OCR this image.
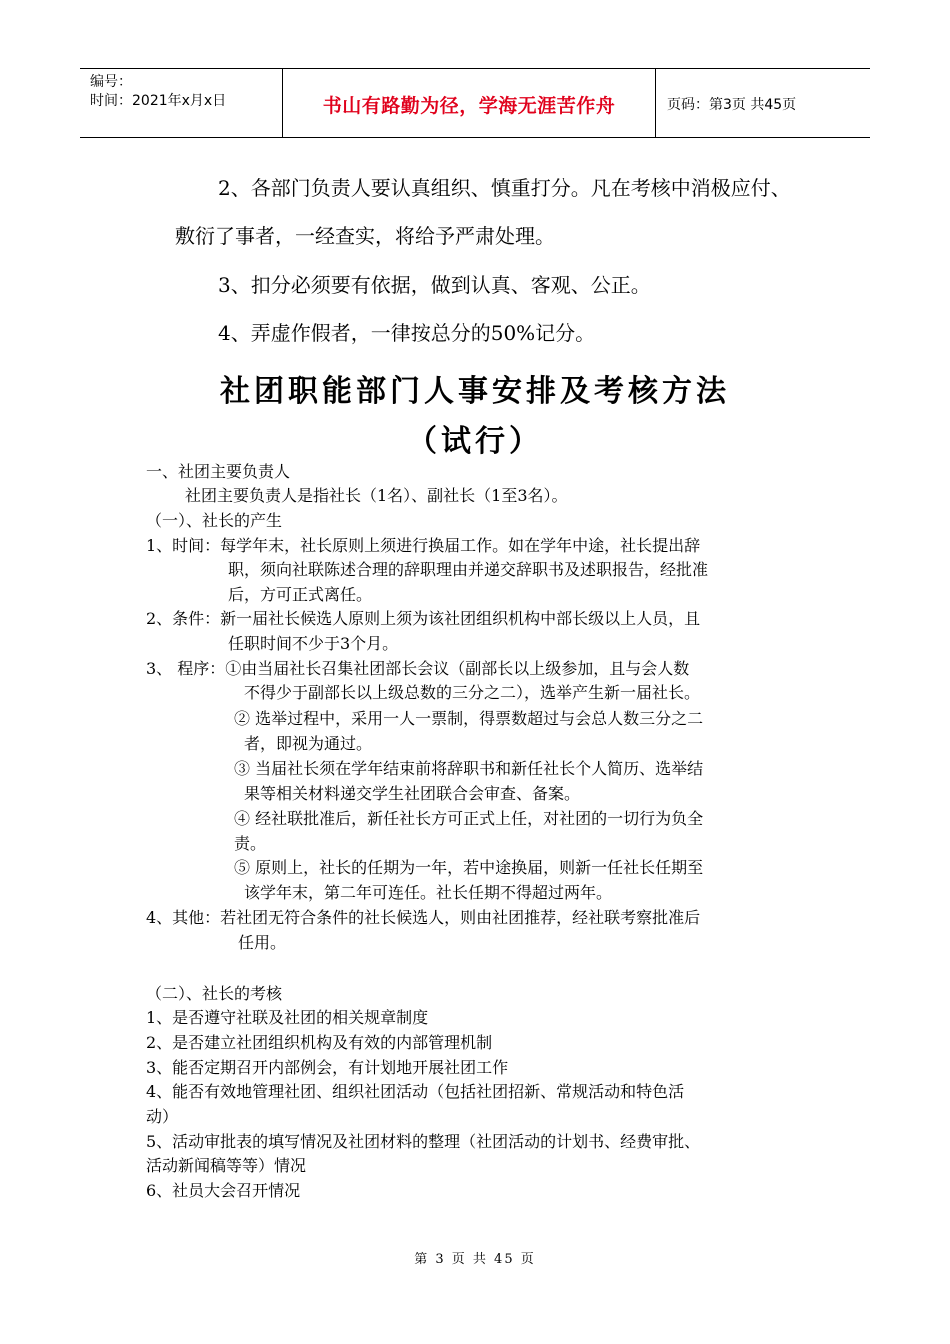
编号：
时间：2021年x月x日	书山有路勤为径，学海无涯苦作舟	页码：第3页 共45页
2、各部门负责人要认真组织、慎重打分。凡在考核中消极应付、
敷衍了事者，一经查实，将给予严肃处理。
3、扣分必须要有依据，做到认真、客观、公正。
4、弄虚作假者，一律按总分的50%记分。
社团职能部门人事安排及考核方法
（试行）
一、社团主要负责人
社团主要负责人是指社长（1名）、副社长（1至3名）。
（一）、社长的产生
1、时间：每学年末，社长原则上须进行换届工作。如在学年中途，社长提出辞
职，须向社联陈述合理的辞职理由并递交辞职书及述职报告，经批准
后，方可正式离任。
2、条件：新一届社长候选人原则上须为该社团组织机构中部长级以上人员，且
任职时间不少于3个月。
3、 程序：①由当届社长召集社团部长会议（副部长以上级参加，且与会人数
不得少于副部长以上级总数的三分之二），选举产生新一届社长。
② 选举过程中，采用一人一票制，得票数超过与会总人数三分之二
者，即视为通过。
③ 当届社长须在学年结束前将辞职书和新任社长个人简历、选举结
果等相关材料递交学生社团联合会审查、备案。
④ 经社联批准后，新任社长方可正式上任，对社团的一切行为负全
责。
⑤ 原则上，社长的任期为一年，若中途换届，则新一任社长任期至
该学年末，第二年可连任。社长任期不得超过两年。
4、其他：若社团无符合条件的社长候选人，则由社团推荐，经社联考察批准后
任用。
（二）、社长的考核
1、是否遵守社联及社团的相关规章制度
2、是否建立社团组织机构及有效的内部管理机制
3、能否定期召开内部例会，有计划地开展社团工作
4、能否有效地管理社团、组织社团活动（包括社团招新、常规活动和特色活
动）
5、活动审批表的填写情况及社团材料的整理（社团活动的计划书、经费审批、
活动新闻稿等等）情况
6、社员大会召开情况
第 3 页 共 45 页
